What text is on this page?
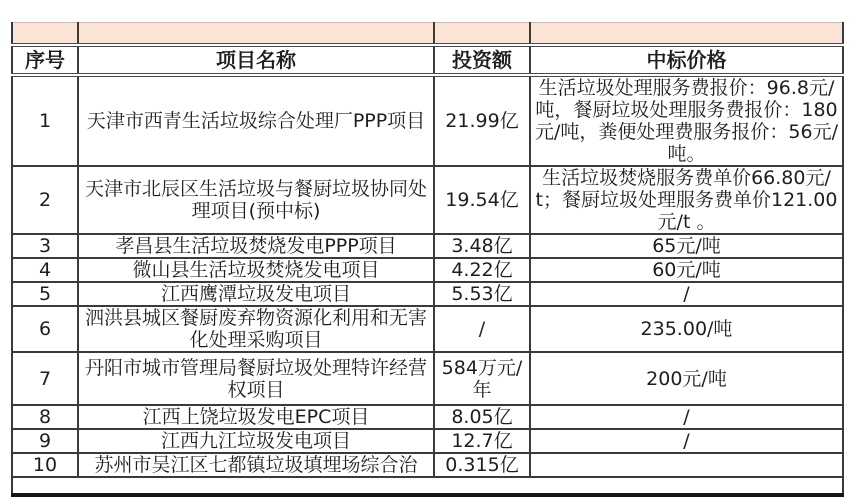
序号	项目名称	投资额	中标价格
1	天津市西青生活垃圾综合处理厂PPP项目	21.99亿	生活垃圾处理服务费报价：96.8元/吨，餐厨垃圾处理服务费报价：180元/吨，粪便处理费服务报价：56元/吨。
2	天津市北辰区生活垃圾与餐厨垃圾协同处理项目(预中标)	19.54亿	生活垃圾焚烧服务费单价66.80元/t；餐厨垃圾处理服务费单价121.00元/t 。
3	孝昌县生活垃圾焚烧发电PPP项目	3.48亿	65元/吨
4	微山县生活垃圾焚烧发电项目	4.22亿	60元/吨
5	江西鹰潭垃圾发电项目	5.53亿	/
6	泗洪县城区餐厨废弃物资源化利用和无害化处理采购项目	/	235.00/吨
7	丹阳市城市管理局餐厨垃圾处理特许经营权项目	584万元/年	200元/吨
8	江西上饶垃圾发电EPC项目	8.05亿	/
9	江西九江垃圾发电项目	12.7亿	/
10	苏州市吴江区七都镇垃圾填埋场综合治	0.315亿	
